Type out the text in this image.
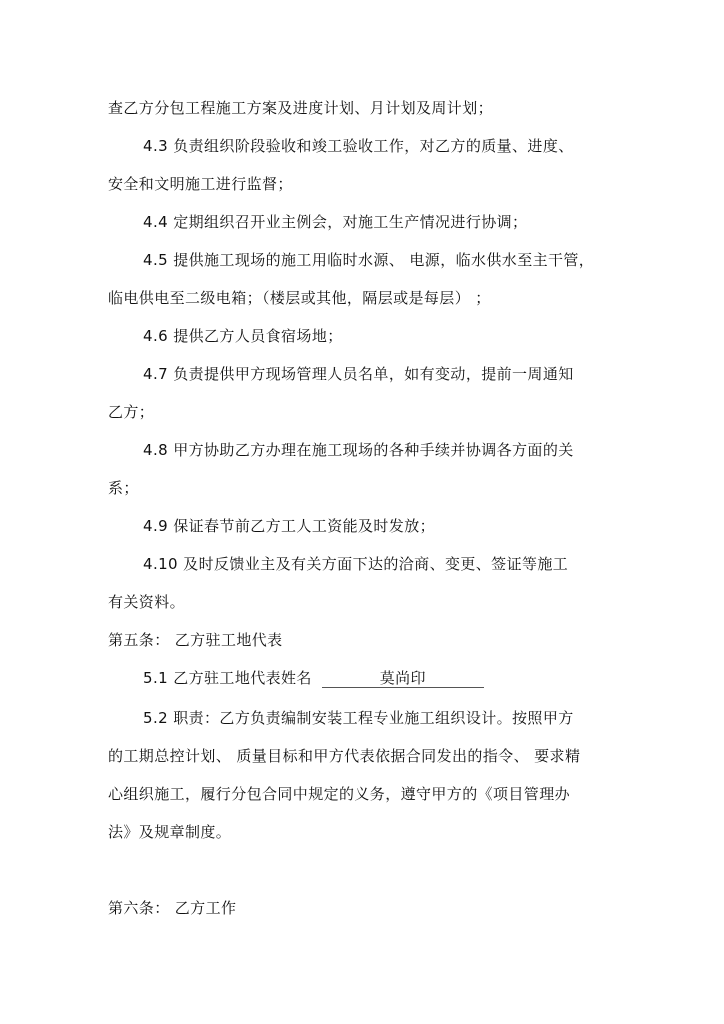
查乙方分包工程施工方案及进度计划、月计划及周计划；
4.3 负责组织阶段验收和竣工验收工作，对乙方的质量、进度、
安全和文明施工进行监督；
4.4 定期组织召开业主例会，对施工生产情况进行协调；
4.5 提供施工现场的施工用临时水源、 电源，临水供水至主干管，
临电供电至二级电箱；（楼层或其他，隔层或是每层） ；
4.6 提供乙方人员食宿场地；
4.7 负责提供甲方现场管理人员名单，如有变动，提前一周通知
乙方；
4.8 甲方协助乙方办理在施工现场的各种手续并协调各方面的关
系；
4.9 保证春节前乙方工人工资能及时发放；
4.10 及时反馈业主及有关方面下达的洽商、变更、签证等施工
有关资料。
第五条： 乙方驻工地代表
5.1 乙方驻工地代表姓名	莫尚印
5.2 职责：乙方负责编制安装工程专业施工组织设计。按照甲方
的工期总控计划、 质量目标和甲方代表依据合同发出的指令、 要求精
心组织施工，履行分包合同中规定的义务，遵守甲方的《项目管理办
法》及规章制度。
第六条： 乙方工作
